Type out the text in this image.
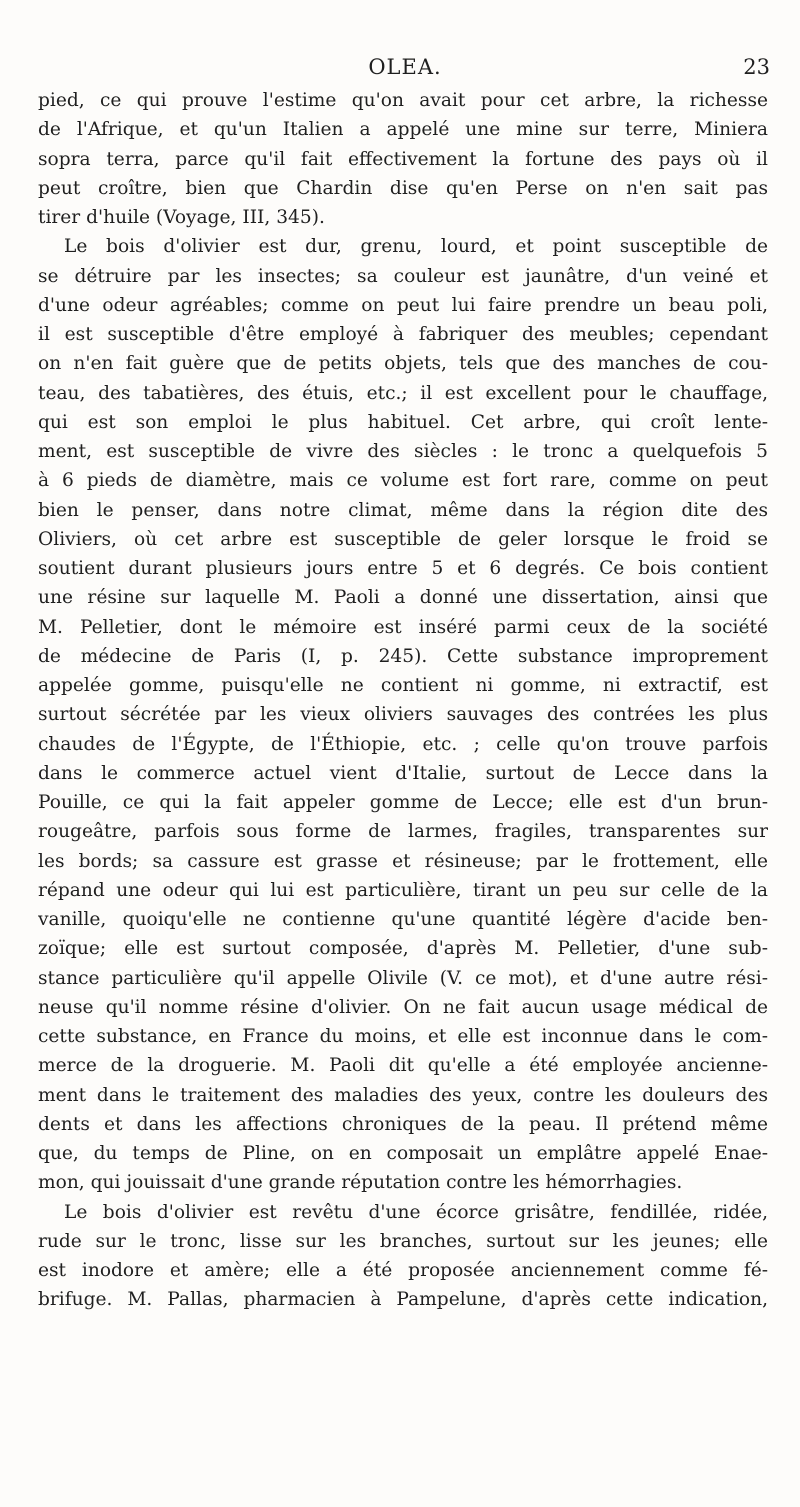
OLEA.	23
pied, ce qui prouve l'estime qu'on avait pour cet arbre, la richesse
de l'Afrique, et qu'un Italien a appelé une mine sur terre, Miniera
sopra terra, parce qu'il fait effectivement la fortune des pays où il
peut croître, bien que Chardin dise qu'en Perse on n'en sait pas
tirer d'huile (Voyage, III, 345).
Le bois d'olivier est dur, grenu, lourd, et point susceptible de
se détruire par les insectes; sa couleur est jaunâtre, d'un veiné et
d'une odeur agréables; comme on peut lui faire prendre un beau poli,
il est susceptible d'être employé à fabriquer des meubles; cependant
on n'en fait guère que de petits objets, tels que des manches de cou-
teau, des tabatières, des étuis, etc.; il est excellent pour le chauffage,
qui est son emploi le plus habituel. Cet arbre, qui croît lente-
ment, est susceptible de vivre des siècles : le tronc a quelquefois 5
à 6 pieds de diamètre, mais ce volume est fort rare, comme on peut
bien le penser, dans notre climat, même dans la région dite des
Oliviers, où cet arbre est susceptible de geler lorsque le froid se
soutient durant plusieurs jours entre 5 et 6 degrés. Ce bois contient
une résine sur laquelle M. Paoli a donné une dissertation, ainsi que
M. Pelletier, dont le mémoire est inséré parmi ceux de la société
de médecine de Paris (I, p. 245). Cette substance improprement
appelée gomme, puisqu'elle ne contient ni gomme, ni extractif, est
surtout sécrétée par les vieux oliviers sauvages des contrées les plus
chaudes de l'Égypte, de l'Éthiopie, etc. ; celle qu'on trouve parfois
dans le commerce actuel vient d'Italie, surtout de Lecce dans la
Pouille, ce qui la fait appeler gomme de Lecce; elle est d'un brun-
rougeâtre, parfois sous forme de larmes, fragiles, transparentes sur
les bords; sa cassure est grasse et résineuse; par le frottement, elle
répand une odeur qui lui est particulière, tirant un peu sur celle de la
vanille, quoiqu'elle ne contienne qu'une quantité légère d'acide ben-
zoïque; elle est surtout composée, d'après M. Pelletier, d'une sub-
stance particulière qu'il appelle Olivile (V. ce mot), et d'une autre rési-
neuse qu'il nomme résine d'olivier. On ne fait aucun usage médical de
cette substance, en France du moins, et elle est inconnue dans le com-
merce de la droguerie. M. Paoli dit qu'elle a été employée ancienne-
ment dans le traitement des maladies des yeux, contre les douleurs des
dents et dans les affections chroniques de la peau. Il prétend même
que, du temps de Pline, on en composait un emplâtre appelé Enae-
mon, qui jouissait d'une grande réputation contre les hémorrhagies.
Le bois d'olivier est revêtu d'une écorce grisâtre, fendillée, ridée,
rude sur le tronc, lisse sur les branches, surtout sur les jeunes; elle
est inodore et amère; elle a été proposée anciennement comme fé-
brifuge. M. Pallas, pharmacien à Pampelune, d'après cette indication,
